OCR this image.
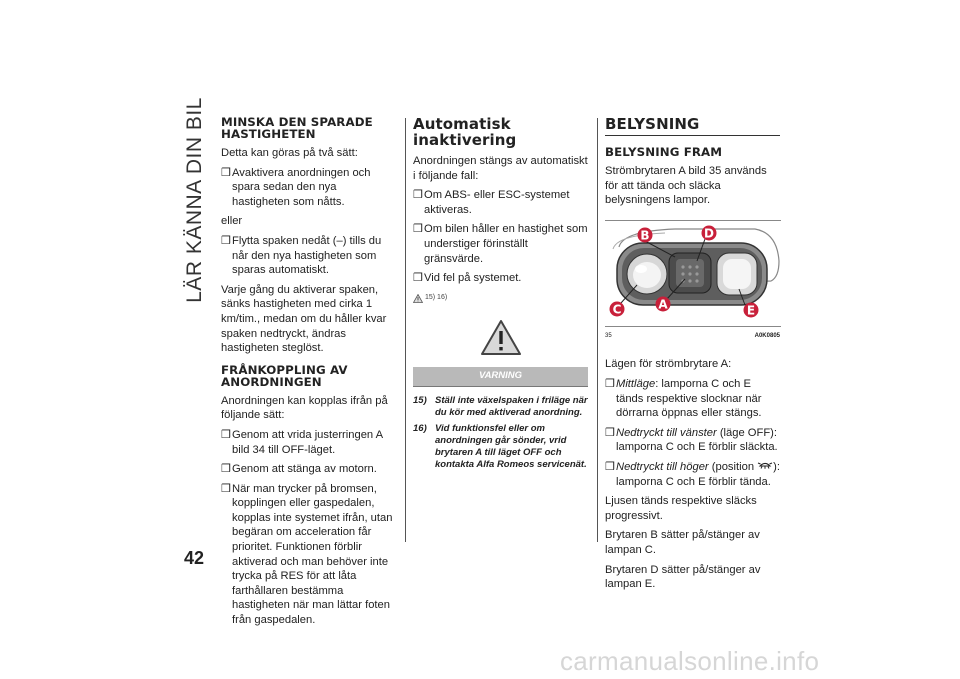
LÄR KÄNNA DIN BIL
42
MINSKA DEN SPARADE HASTIGHETEN

Detta kan göras på två sätt:

❒ Avaktivera anordningen och spara sedan den nya hastigheten som nåtts.

eller

❒ Flytta spaken nedåt (–) tills du når den nya hastigheten som sparas automatiskt.

Varje gång du aktiverar spaken, sänks hastigheten med cirka 1 km/tim., medan om du håller kvar spaken nedtryckt, ändras hastigheten steglöst.

FRÅNKOPPLING AV ANORDNINGEN

Anordningen kan kopplas ifrån på följande sätt:

❒ Genom att vrida justerringen A bild 34 till OFF-läget.
❒ Genom att stänga av motorn.
❒ När man trycker på bromsen, kopplingen eller gaspedalen, kopplas inte systemet ifrån, utan begäran om acceleration får prioritet. Funktionen förblir aktiverad och man behöver inte trycka på RES för att låta farthållaren bestämma hastigheten när man lättar foten från gaspedalen.
Automatisk inaktivering

Anordningen stängs av automatiskt i följande fall:

❒ Om ABS- eller ESC-systemet aktiveras.
❒ Om bilen håller en hastighet som understiger förinställt gränsvärde.
❒ Vid fel på systemet.
15) 16)
VARNING
15) Ställ inte växelspaken i friläge när du kör med aktiverad anordning.
16) Vid funktionsfel eller om anordningen går sönder, vrid brytaren A till läget OFF och kontakta Alfa Romeos servicenät.
BELYSNING
BELYSNING FRAM

Strömbrytaren A bild 35 används för att tända och släcka belysningens lampor.

B	D
C	A	E
35	A0K0805

Lägen för strömbrytare A:

❒ Mittläge: lamporna C och E tänds respektive slocknar när dörrarna öppnas eller stängs.
❒ Nedtryckt till vänster (läge OFF): lamporna C och E förblir släckta.
❒ Nedtryckt till höger (position ): lamporna C och E förblir tända.

Ljusen tänds respektive släcks progressivt.

Brytaren B sätter på/stänger av lampan C.

Brytaren D sätter på/stänger av lampan E.

carmanualsonline.info
